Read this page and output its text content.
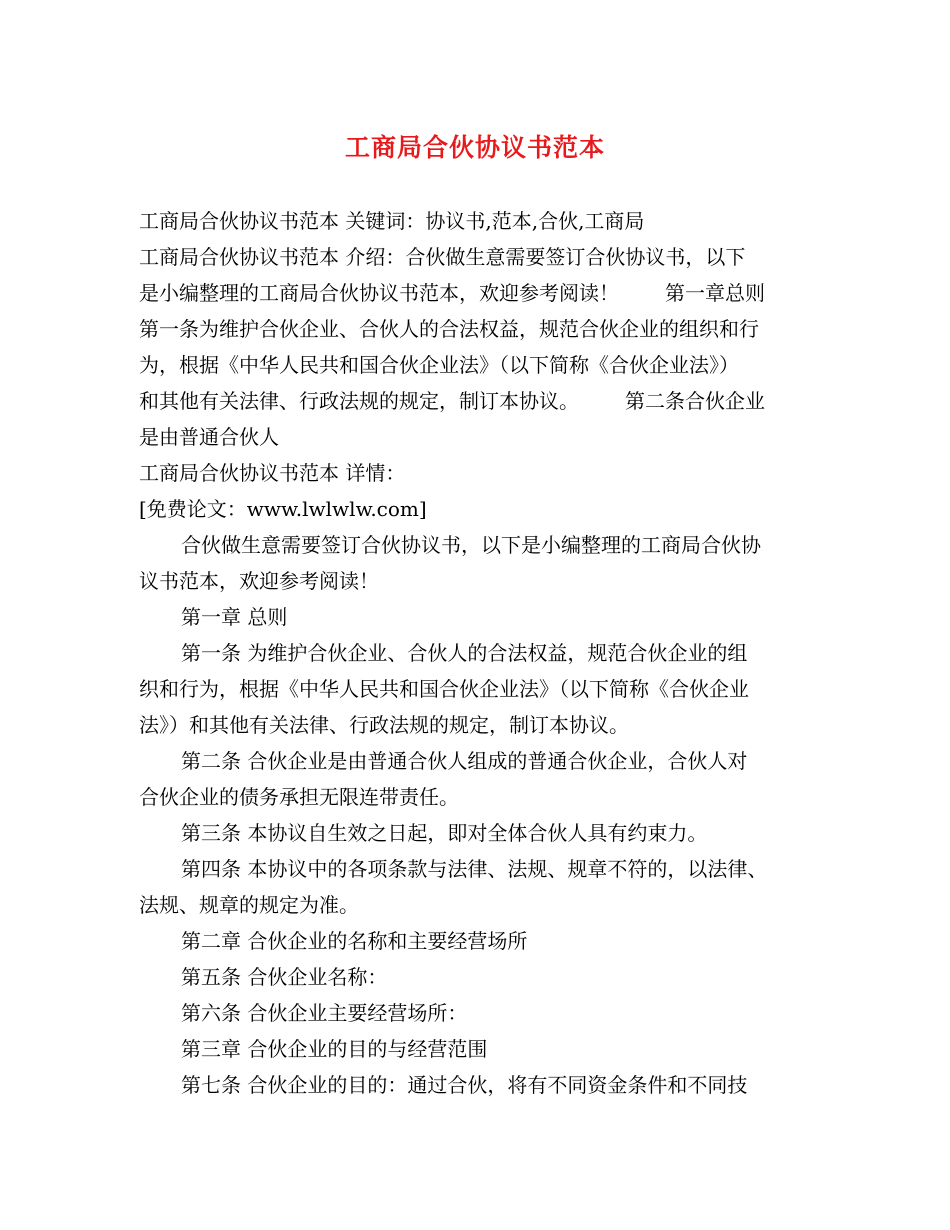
工商局合伙协议书范本
工商局合伙协议书范本 关键词：协议书,范本,合伙,工商局
工商局合伙协议书范本 介绍：合伙做生意需要签订合伙协议书，以下
是小编整理的工商局合伙协议书范本，欢迎参考阅读！ 第一章总则
第一条为维护合伙企业、合伙人的合法权益，规范合伙企业的组织和行
为，根据《中华人民共和国合伙企业法》（以下简称《合伙企业法》）
和其他有关法律、行政法规的规定，制订本协议。 第二条合伙企业
是由普通合伙人
工商局合伙协议书范本 详情：
[免费论文：www.lwlwlw.com]
合伙做生意需要签订合伙协议书，以下是小编整理的工商局合伙协
议书范本，欢迎参考阅读！
第一章 总则
第一条 为维护合伙企业、合伙人的合法权益，规范合伙企业的组
织和行为，根据《中华人民共和国合伙企业法》（以下简称《合伙企业
法》）和其他有关法律、行政法规的规定，制订本协议。
第二条 合伙企业是由普通合伙人组成的普通合伙企业，合伙人对
合伙企业的债务承担无限连带责任。
第三条 本协议自生效之日起，即对全体合伙人具有约束力。
第四条 本协议中的各项条款与法律、法规、规章不符的，以法律、
法规、规章的规定为准。
第二章 合伙企业的名称和主要经营场所
第五条 合伙企业名称：
第六条 合伙企业主要经营场所：
第三章 合伙企业的目的与经营范围
第七条 合伙企业的目的：通过合伙，将有不同资金条件和不同技
